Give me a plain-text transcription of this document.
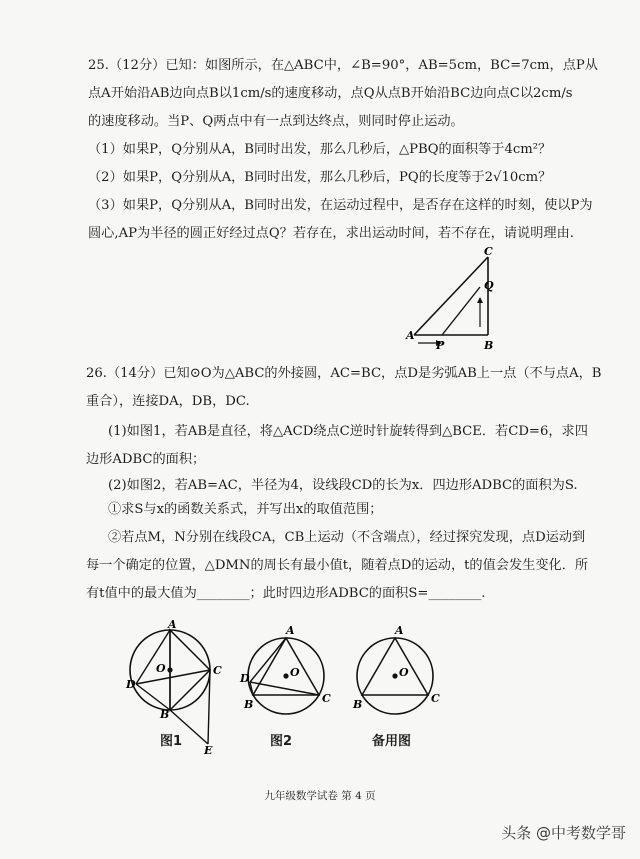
25.（12分）已知：如图所示，在△ABC中，∠B=90°，AB=5cm，BC=7cm，点P从
点A开始沿AB边向点B以1cm/s的速度移动，点Q从点B开始沿BC边向点C以2cm/s
的速度移动。当P、Q两点中有一点到达终点，则同时停止运动。
（1）如果P，Q分别从A，B同时出发，那么几秒后，△PBQ的面积等于4cm²？
（2）如果P，Q分别从A，B同时出发，那么几秒后，PQ的长度等于2√10cm？
（3）如果P，Q分别从A，B同时出发，在运动过程中，是否存在这样的时刻，使以P为
圆心,AP为半径的圆正好经过点Q？若存在，求出运动时间，若不存在，请说明理由.
A
P	B
C
Q
26.（14分）已知⊙O为△ABC的外接圆，AC=BC，点D是劣弧AB上一点（不与点A，B
重合），连接DA，DB，DC.
(1)如图1，若AB是直径，将△ACD绕点C逆时针旋转得到△BCE．若CD=6，求四
边形ADBC的面积；
(2)如图2，若AB=AC，半径为4，设线段CD的长为x．四边形ADBC的面积为S.
①求S与x的函数关系式，并写出x的取值范围；
②若点M，N分别在线段CA，CB上运动（不含端点），经过探究发现，点D运动到
每一个确定的位置，△DMN的周长有最小值t，随着点D的运动，t的值会发生变化．所
有t值中的最大值为________；此时四边形ADBC的面积S=________.
A
O	C
D
B
E
图1
A
O
D
B	C
图2
A
O
B	C
备用图
九年级数学试卷 第 4 页
头条 @中考数学哥
